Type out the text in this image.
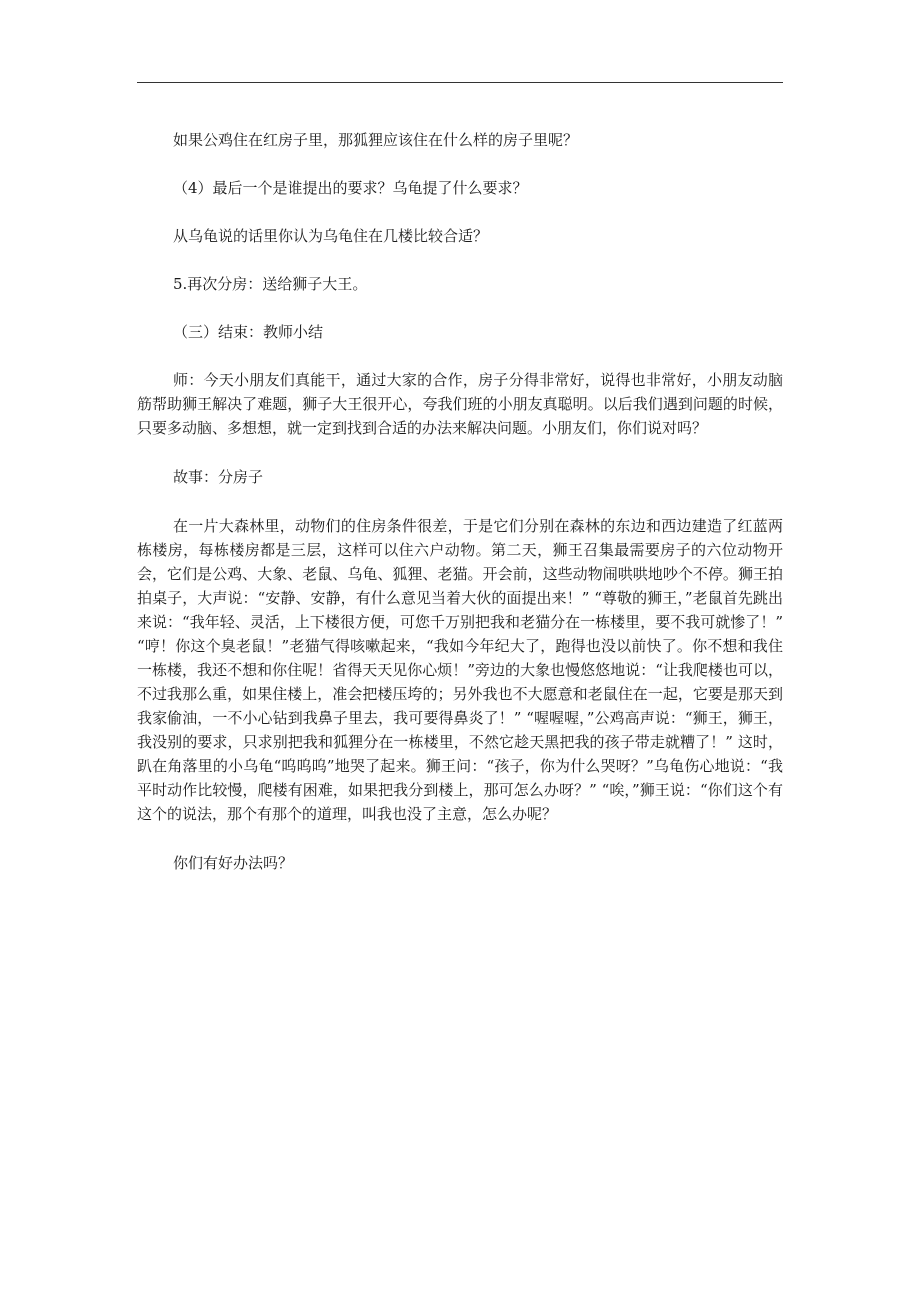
如果公鸡住在红房子里，那狐狸应该住在什么样的房子里呢？

（4）最后一个是谁提出的要求？乌龟提了什么要求？

从乌龟说的话里你认为乌龟住在几楼比较合适？

5.再次分房：送给狮子大王。

（三）结束：教师小结

师：今天小朋友们真能干，通过大家的合作，房子分得非常好，说得也非常好，小朋友动脑筋帮助狮王解决了难题，狮子大王很开心，夸我们班的小朋友真聪明。以后我们遇到问题的时候，只要多动脑、多想想，就一定到找到合适的办法来解决问题。小朋友们，你们说对吗？

故事：分房子

在一片大森林里，动物们的住房条件很差，于是它们分别在森林的东边和西边建造了红蓝两栋楼房，每栋楼房都是三层，这样可以住六户动物。第二天，狮王召集最需要房子的六位动物开会，它们是公鸡、大象、老鼠、乌龟、狐狸、老猫。开会前，这些动物闹哄哄地吵个不停。狮王拍拍桌子，大声说：“安静、安静，有什么意见当着大伙的面提出来！” “尊敬的狮王，”老鼠首先跳出来说：“我年轻、灵活，上下楼很方便，可您千万别把我和老猫分在一栋楼里，要不我可就惨了！” “哼！你这个臭老鼠！”老猫气得咳嗽起来，“我如今年纪大了，跑得也没以前快了。你不想和我住一栋楼，我还不想和你住呢！省得天天见你心烦！”旁边的大象也慢悠悠地说：“让我爬楼也可以，不过我那么重，如果住楼上，准会把楼压垮的；另外我也不大愿意和老鼠住在一起，它要是那天到我家偷油，一不小心钻到我鼻子里去，我可要得鼻炎了！” “喔喔喔，”公鸡高声说：“狮王，狮王，我没别的要求，只求别把我和狐狸分在一栋楼里，不然它趁天黑把我的孩子带走就糟了！” 这时，趴在角落里的小乌龟“呜呜呜”地哭了起来。狮王问：“孩子，你为什么哭呀？”乌龟伤心地说：“我平时动作比较慢，爬楼有困难，如果把我分到楼上，那可怎么办呀？” “唉，”狮王说：“你们这个有这个的说法，那个有那个的道理，叫我也没了主意，怎么办呢？

你们有好办法吗？
